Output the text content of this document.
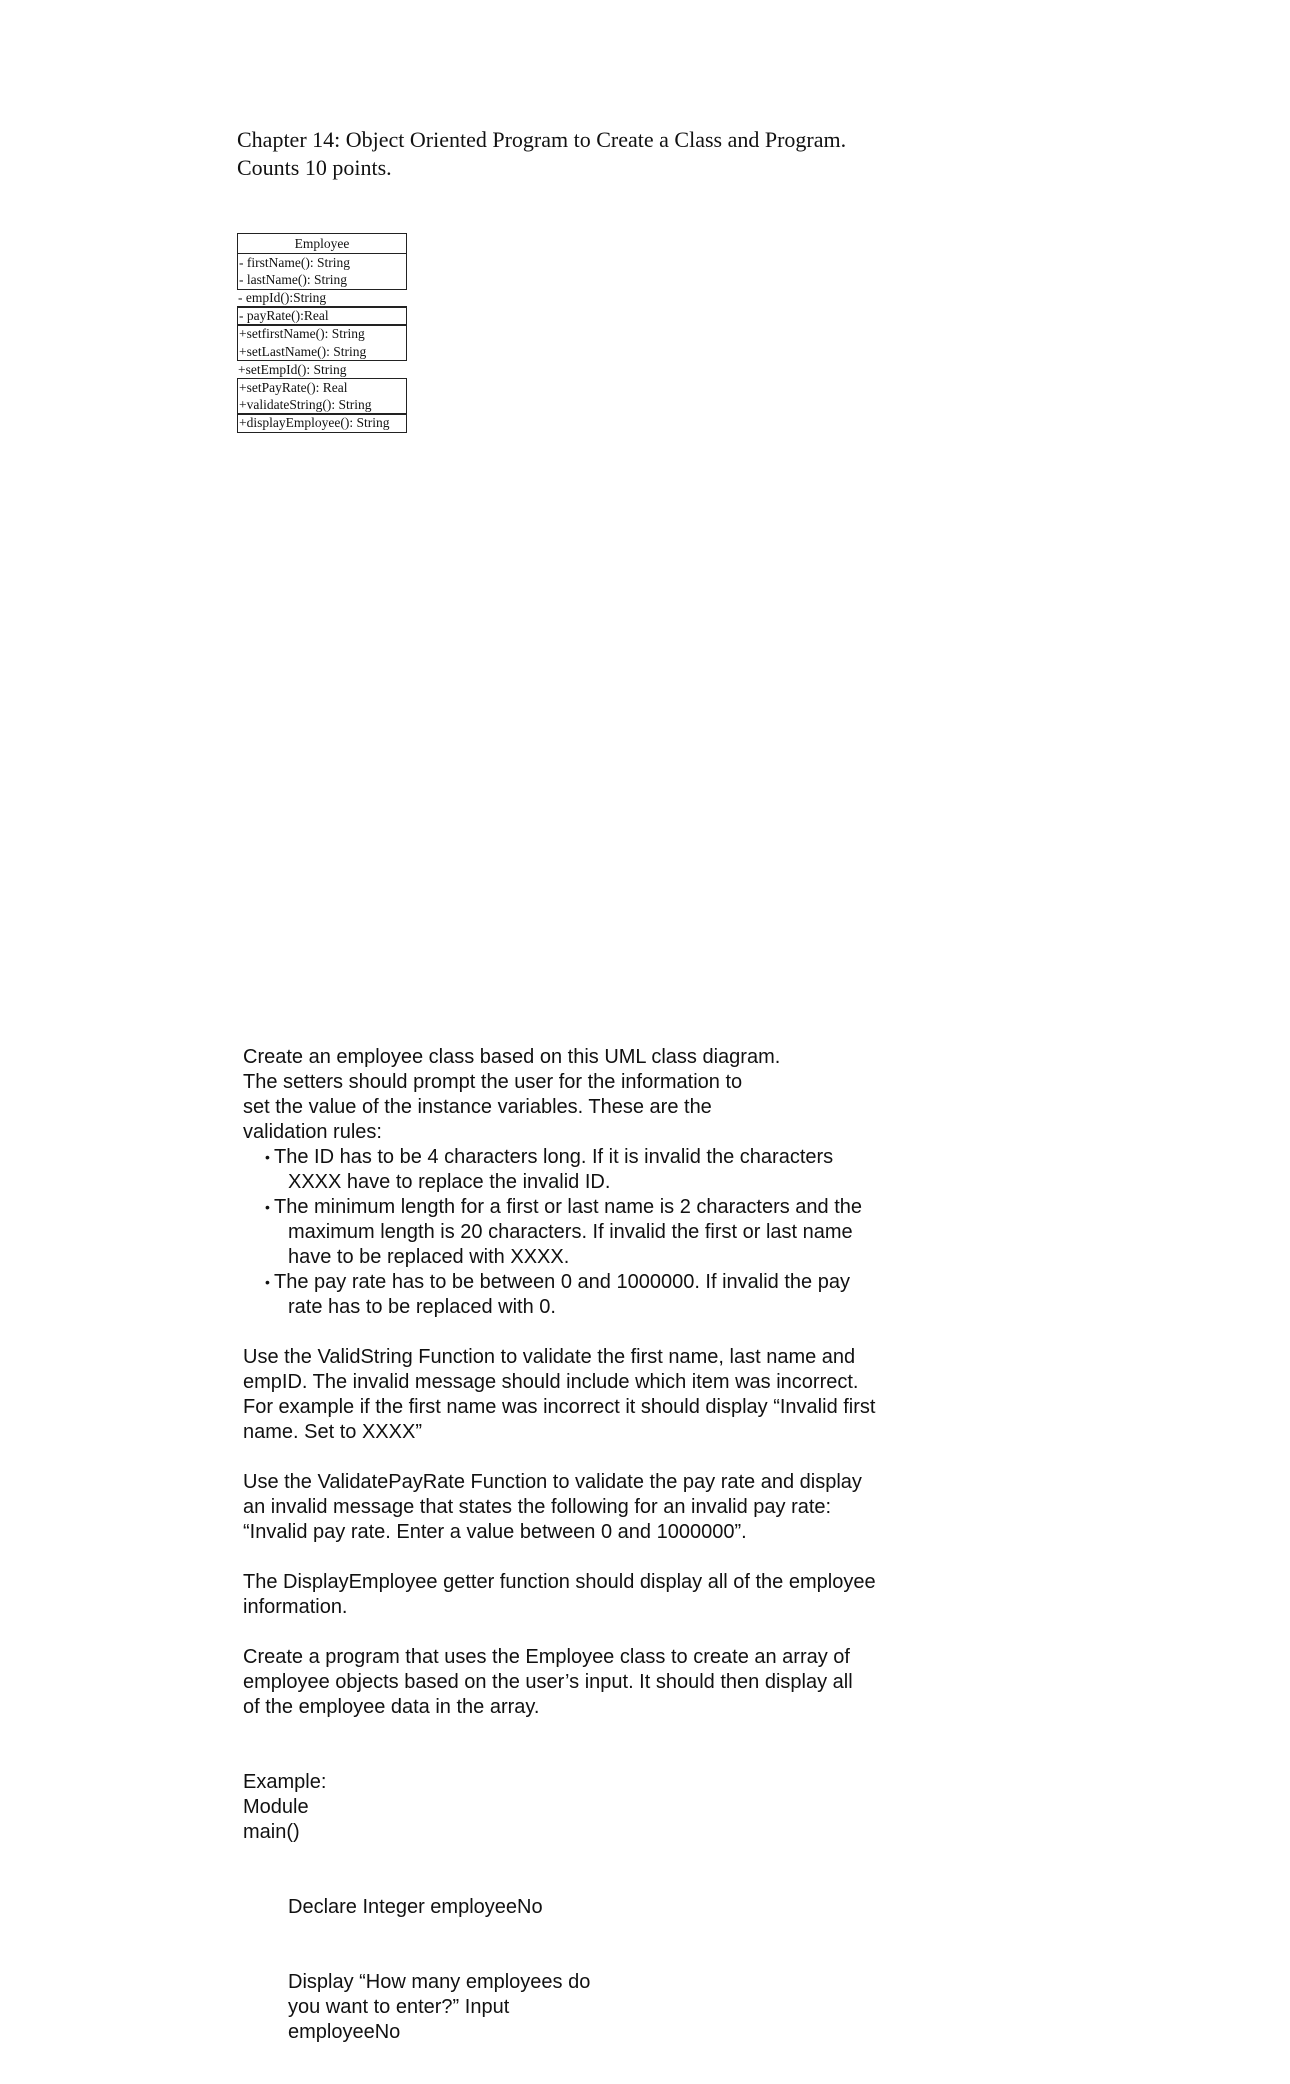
Chapter 14: Object Oriented Program to Create a Class and Program.
Counts 10 points.
Employee
- firstName(): String
- lastName(): String
- empId():String
- payRate():Real
+setfirstName(): String
+setLastName(): String
+setEmpId(): String
+setPayRate(): Real
+validateString(): String
+displayEmployee(): String
Create an employee class based on this UML class diagram.
The setters should prompt the user for the information to
set the value of the instance variables. These are the
validation rules:
• The ID has to be 4 characters long. If it is invalid the characters
XXXX have to replace the invalid ID.
• The minimum length for a first or last name is 2 characters and the
maximum length is 20 characters. If invalid the first or last name
have to be replaced with XXXX.
• The pay rate has to be between 0 and 1000000. If invalid the pay
rate has to be replaced with 0.
Use the ValidString Function to validate the first name, last name and
empID. The invalid message should include which item was incorrect.
For example if the first name was incorrect it should display “Invalid first
name. Set to XXXX”
Use the ValidatePayRate Function to validate the pay rate and display
an invalid message that states the following for an invalid pay rate:
“Invalid pay rate. Enter a value between 0 and 1000000”.
The DisplayEmployee getter function should display all of the employee
information.
Create a program that uses the Employee class to create an array of
employee objects based on the user’s input. It should then display all
of the employee data in the array.
Example:
Module
main()
Declare Integer employeeNo
Display “How many employees do
you want to enter?” Input
employeeNo
